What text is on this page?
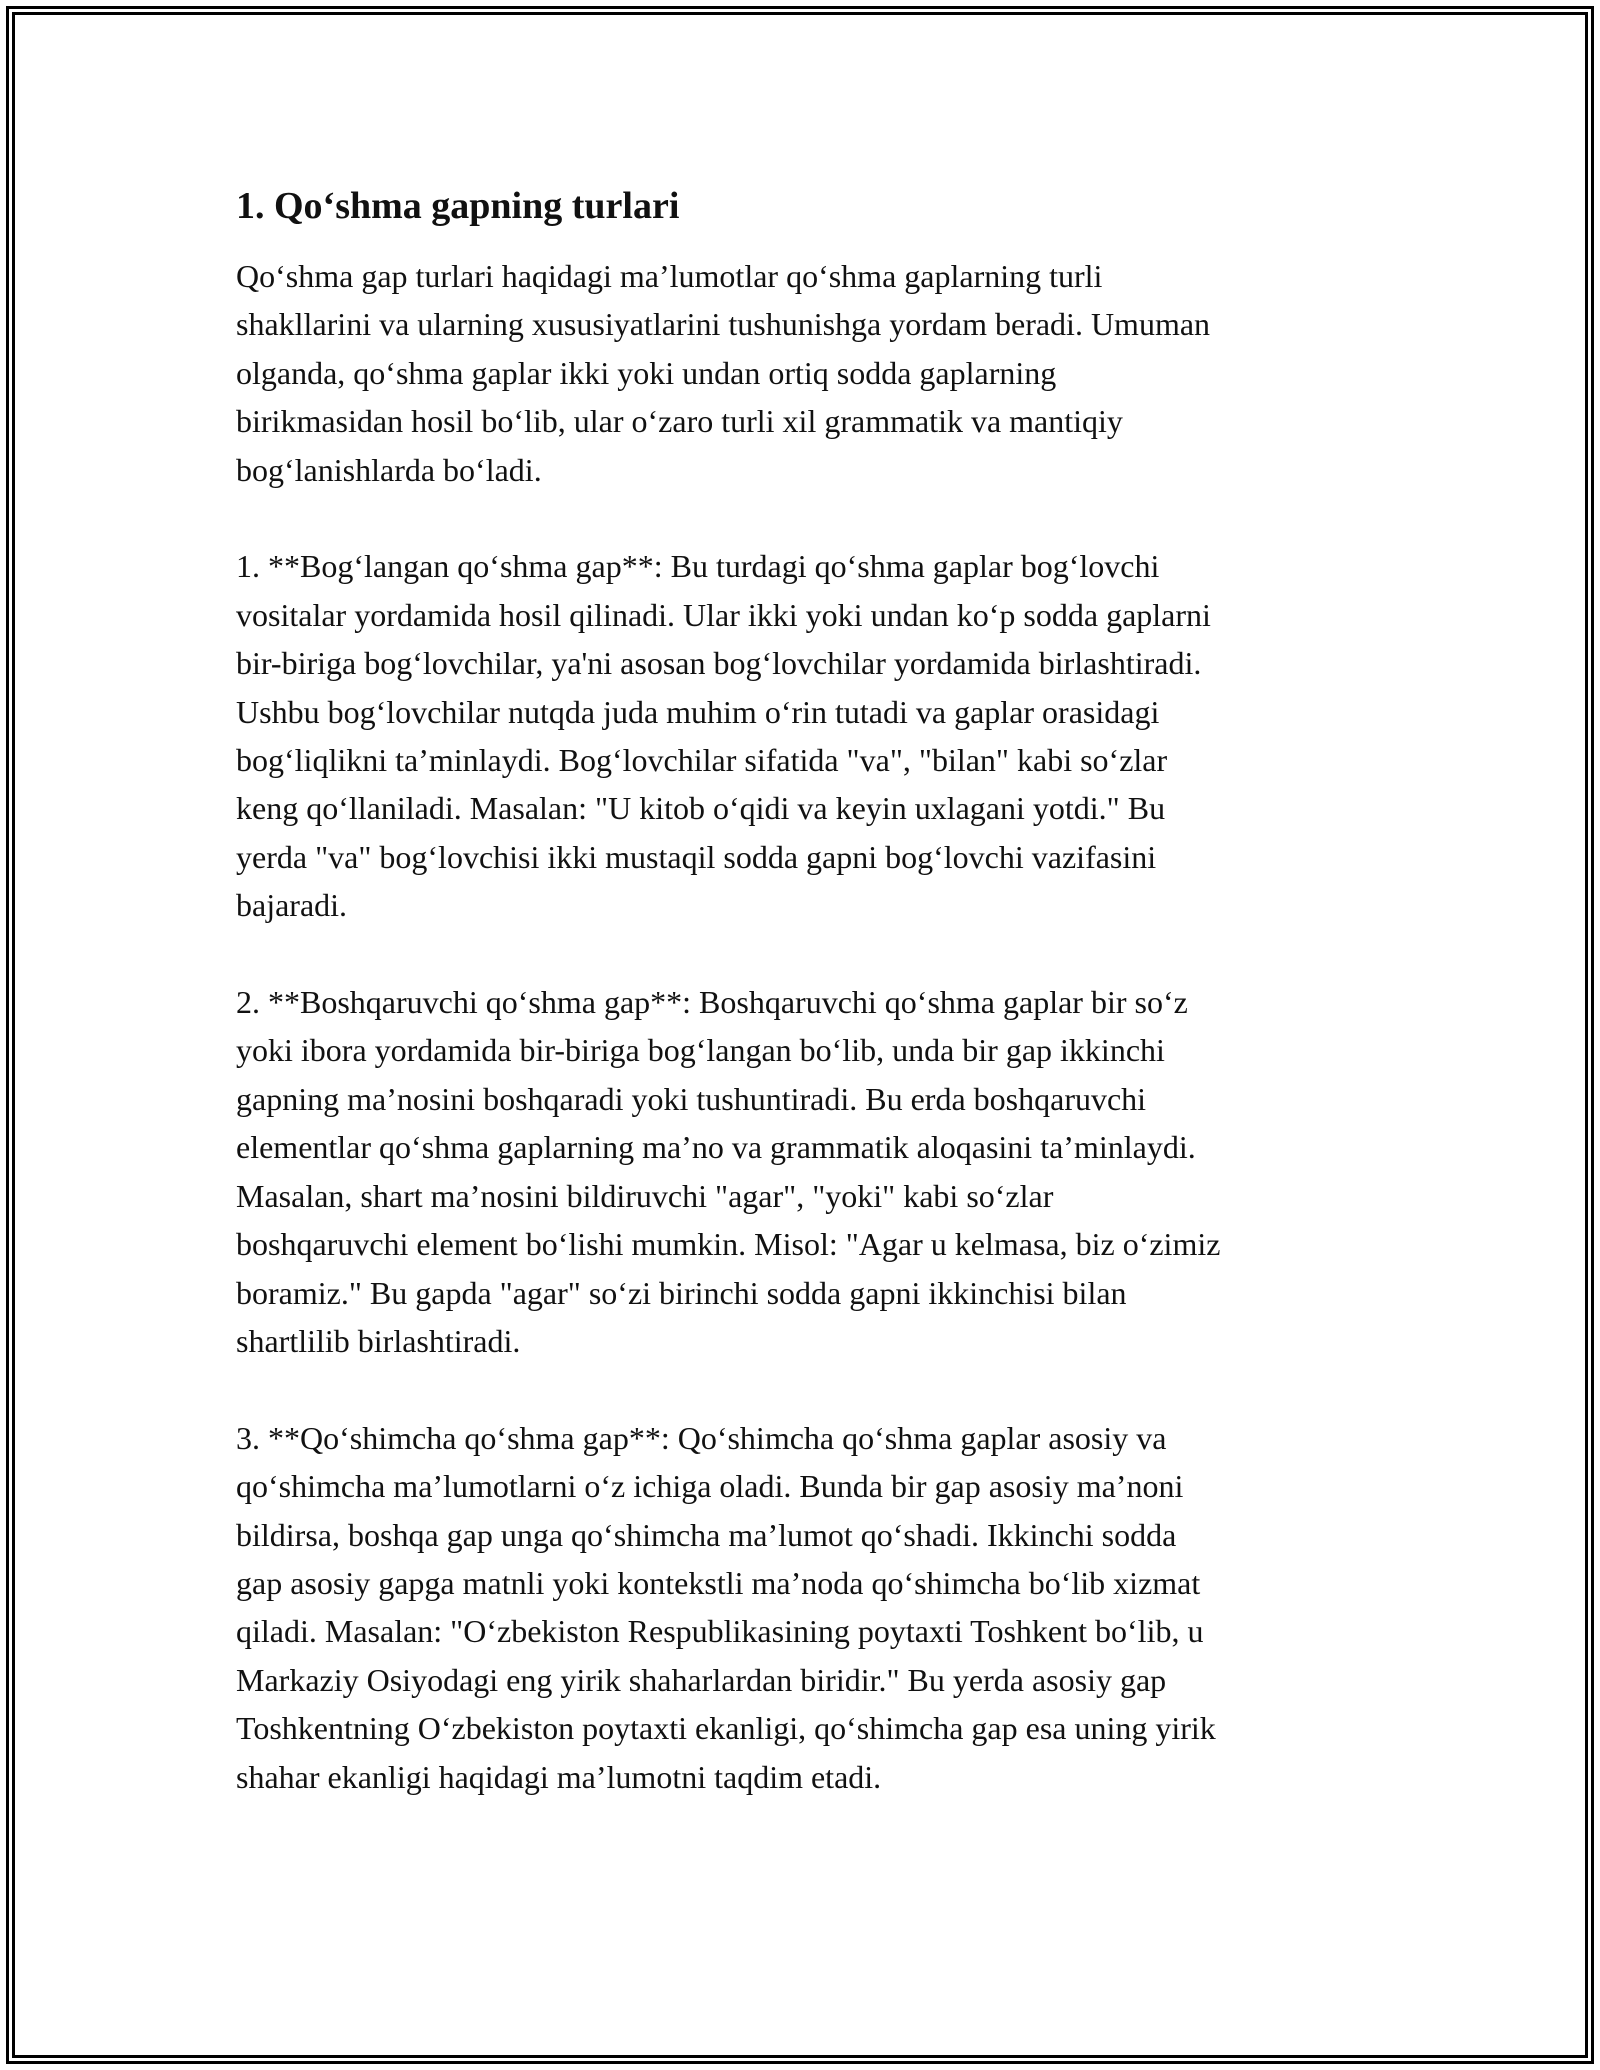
1. Qo‘shma gapning turlari

Qo‘shma gap turlari haqidagi ma’lumotlar qo‘shma gaplarning turli
shakllarini va ularning xususiyatlarini tushunishga yordam beradi. Umuman
olganda, qo‘shma gaplar ikki yoki undan ortiq sodda gaplarning
birikmasidan hosil bo‘lib, ular o‘zaro turli xil grammatik va mantiqiy
bog‘lanishlarda bo‘ladi.

1. **Bog‘langan qo‘shma gap**: Bu turdagi qo‘shma gaplar bog‘lovchi
vositalar yordamida hosil qilinadi. Ular ikki yoki undan ko‘p sodda gaplarni
bir-biriga bog‘lovchilar, ya'ni asosan bog‘lovchilar yordamida birlashtiradi.
Ushbu bog‘lovchilar nutqda juda muhim o‘rin tutadi va gaplar orasidagi
bog‘liqlikni ta’minlaydi. Bog‘lovchilar sifatida "va", "bilan" kabi so‘zlar
keng qo‘llaniladi. Masalan: "U kitob o‘qidi va keyin uxlagani yotdi." Bu
yerda "va" bog‘lovchisi ikki mustaqil sodda gapni bog‘lovchi vazifasini
bajaradi.

2. **Boshqaruvchi qo‘shma gap**: Boshqaruvchi qo‘shma gaplar bir so‘z
yoki ibora yordamida bir-biriga bog‘langan bo‘lib, unda bir gap ikkinchi
gapning ma’nosini boshqaradi yoki tushuntiradi. Bu erda boshqaruvchi
elementlar qo‘shma gaplarning ma’no va grammatik aloqasini ta’minlaydi.
Masalan, shart ma’nosini bildiruvchi "agar", "yoki" kabi so‘zlar
boshqaruvchi element bo‘lishi mumkin. Misol: "Agar u kelmasa, biz o‘zimiz
boramiz." Bu gapda "agar" so‘zi birinchi sodda gapni ikkinchisi bilan
shartlilib birlashtiradi.

3. **Qo‘shimcha qo‘shma gap**: Qo‘shimcha qo‘shma gaplar asosiy va
qo‘shimcha ma’lumotlarni o‘z ichiga oladi. Bunda bir gap asosiy ma’noni
bildirsa, boshqa gap unga qo‘shimcha ma’lumot qo‘shadi. Ikkinchi sodda
gap asosiy gapga matnli yoki kontekstli ma’noda qo‘shimcha bo‘lib xizmat
qiladi. Masalan: "O‘zbekiston Respublikasining poytaxti Toshkent bo‘lib, u
Markaziy Osiyodagi eng yirik shaharlardan biridir." Bu yerda asosiy gap
Toshkentning O‘zbekiston poytaxti ekanligi, qo‘shimcha gap esa uning yirik
shahar ekanligi haqidagi ma’lumotni taqdim etadi.
